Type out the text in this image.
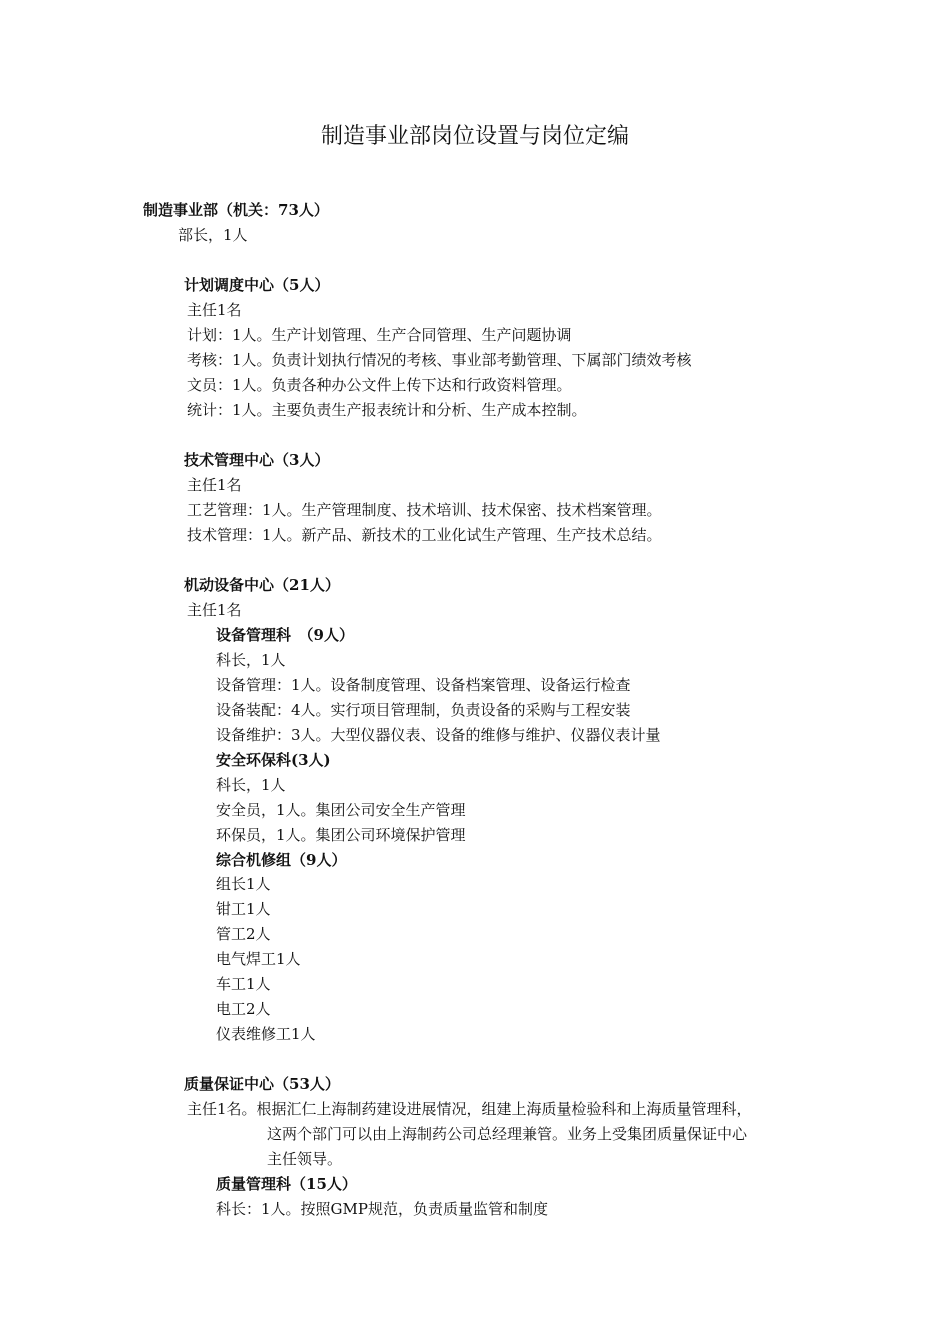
制造事业部岗位设置与岗位定编
制造事业部（机关：73人）
部长，1人
计划调度中心（5人）
主任1名
计划：1人。生产计划管理、生产合同管理、生产问题协调
考核：1人。负责计划执行情况的考核、事业部考勤管理、下属部门绩效考核
文员：1人。负责各种办公文件上传下达和行政资料管理。
统计：1人。主要负责生产报表统计和分析、生产成本控制。
技术管理中心（3人）
主任1名
工艺管理：1人。生产管理制度、技术培训、技术保密、技术档案管理。
技术管理：1人。新产品、新技术的工业化试生产管理、生产技术总结。
机动设备中心（21人）
主任1名
设备管理科　（9人）
科长，1人
设备管理：1人。设备制度管理、设备档案管理、设备运行检查
设备装配：4人。实行项目管理制，负责设备的采购与工程安装
设备维护：3人。大型仪器仪表、设备的维修与维护、仪器仪表计量
安全环保科(3人)
科长，1人
安全员，1人。集团公司安全生产管理
环保员，1人。集团公司环境保护管理
综合机修组（9人）
组长1人
钳工1人
管工2人
电气焊工1人
车工1人
电工2人
仪表维修工1人
质量保证中心（53人）
主任1名。根据汇仁上海制药建设进展情况，组建上海质量检验科和上海质量管理科，
这两个部门可以由上海制药公司总经理兼管。业务上受集团质量保证中心
主任领导。
质量管理科（15人）
科长：1人。按照GMP规范，负责质量监管和制度
